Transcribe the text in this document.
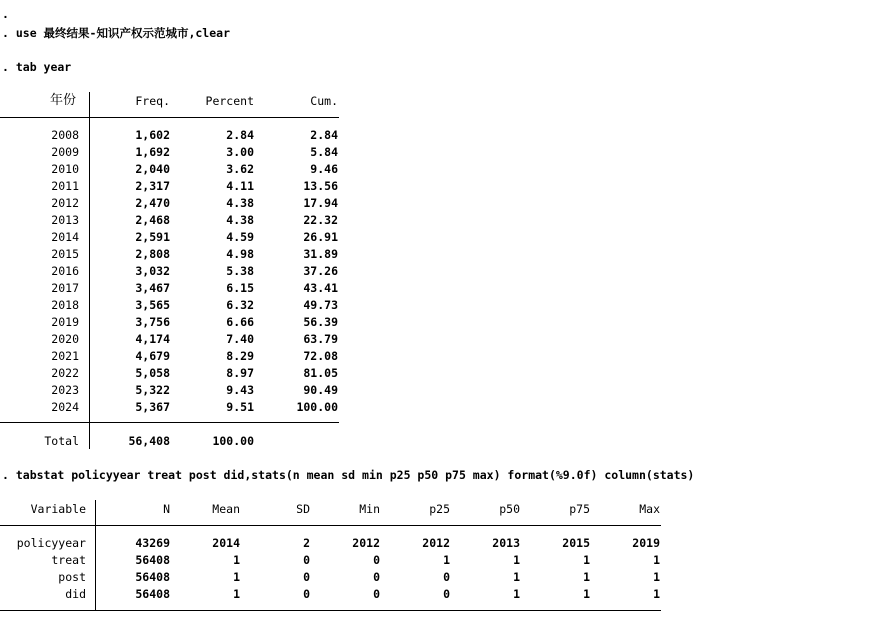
.
. use 最终结果-知识产权示范城市,clear
. tab year
年份	Freq.	Percent	Cum.
2008	1,602	2.84	2.84
2009	1,692	3.00	5.84
2010	2,040	3.62	9.46
2011	2,317	4.11	13.56
2012	2,470	4.38	17.94
2013	2,468	4.38	22.32
2014	2,591	4.59	26.91
2015	2,808	4.98	31.89
2016	3,032	5.38	37.26
2017	3,467	6.15	43.41
2018	3,565	6.32	49.73
2019	3,756	6.66	56.39
2020	4,174	7.40	63.79
2021	4,679	8.29	72.08
2022	5,058	8.97	81.05
2023	5,322	9.43	90.49
2024	5,367	9.51	100.00
Total	56,408	100.00
. tabstat policyyear treat post did,stats(n mean sd min p25 p50 p75 max) format(%9.0f) column(stats)
Variable	N	Mean	SD	Min	p25	p50	p75	Max
policyyear	43269	2014	2	2012	2012	2013	2015	2019
treat	56408	1	0	0	1	1	1	1
post	56408	1	0	0	0	1	1	1
did	56408	1	0	0	0	1	1	1
